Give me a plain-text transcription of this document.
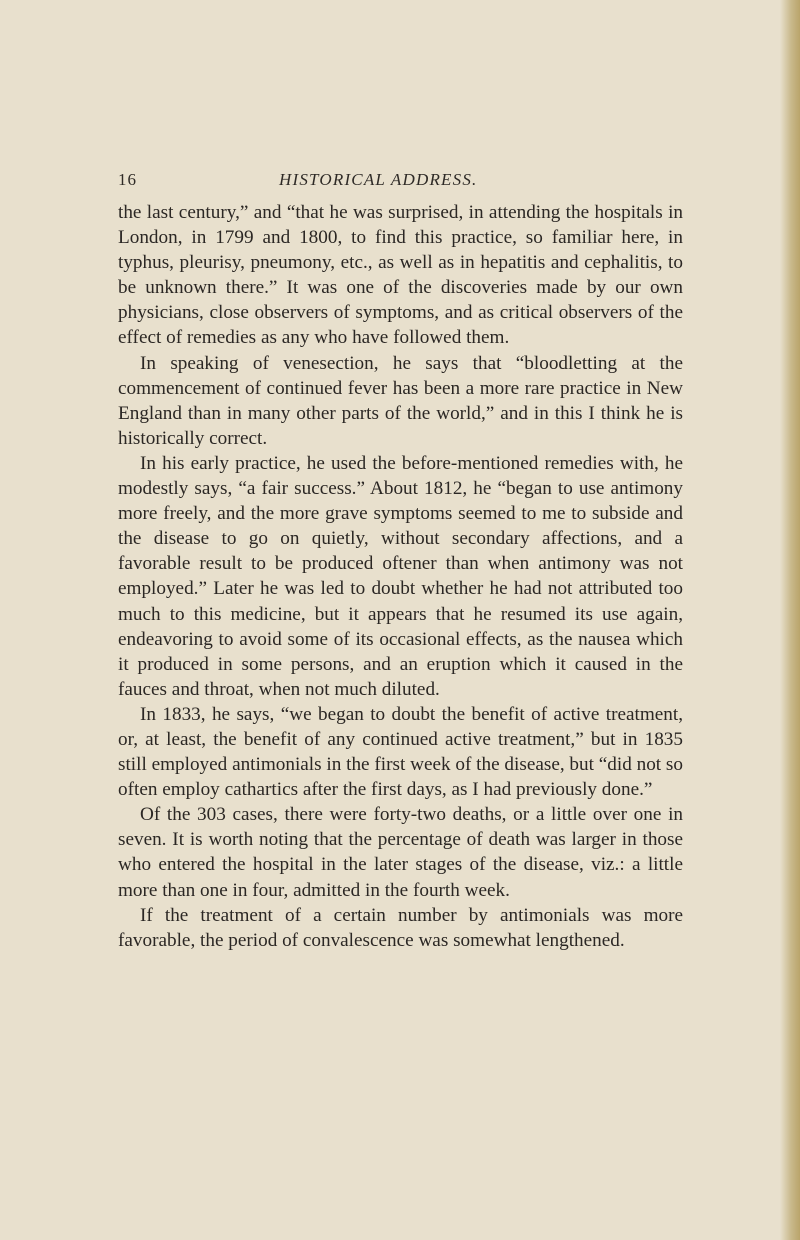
16	HISTORICAL ADDRESS.

the last century,” and “that he was surprised, in attending the hospitals in London, in 1799 and 1800, to find this practice, so familiar here, in typhus, pleurisy, pneumony, etc., as well as in hepatitis and cephalitis, to be unknown there.” It was one of the discoveries made by our own physicians, close observers of symptoms, and as critical observers of the effect of remedies as any who have followed them.

In speaking of venesection, he says that “bloodletting at the commencement of continued fever has been a more rare practice in New England than in many other parts of the world,” and in this I think he is historically correct.

In his early practice, he used the before-mentioned remedies with, he modestly says, “a fair success.” About 1812, he “began to use antimony more freely, and the more grave symptoms seemed to me to subside and the disease to go on quietly, without secondary affections, and a favorable result to be produced oftener than when antimony was not employed.” Later he was led to doubt whether he had not attributed too much to this medicine, but it appears that he resumed its use again, endeavoring to avoid some of its occasional effects, as the nausea which it produced in some persons, and an eruption which it caused in the fauces and throat, when not much diluted.

In 1833, he says, “we began to doubt the benefit of active treatment, or, at least, the benefit of any continued active treatment,” but in 1835 still employed antimonials in the first week of the disease, but “did not so often employ cathartics after the first days, as I had previously done.”

Of the 303 cases, there were forty-two deaths, or a little over one in seven. It is worth noting that the percentage of death was larger in those who entered the hospital in the later stages of the disease, viz.: a little more than one in four, admitted in the fourth week.

If the treatment of a certain number by antimonials was more favorable, the period of convalescence was somewhat lengthened.
